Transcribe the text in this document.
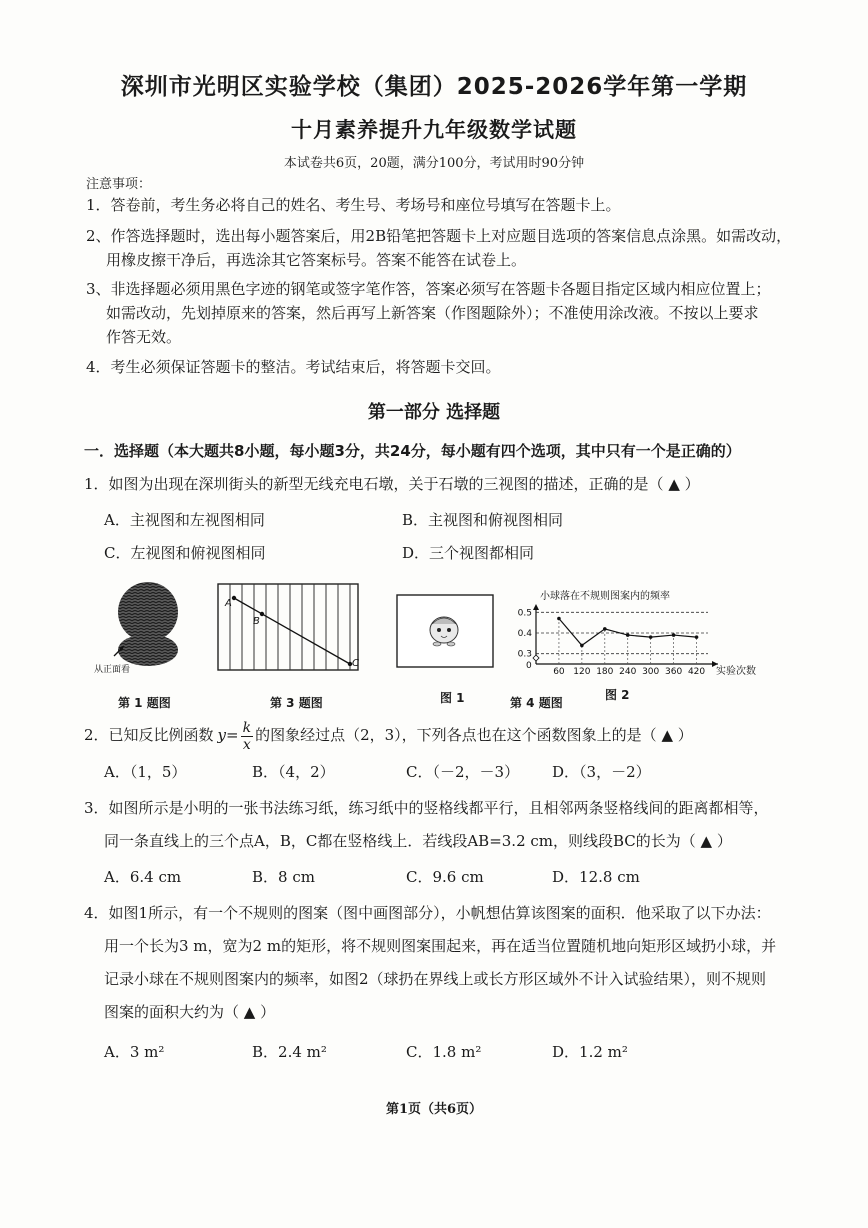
深圳市光明区实验学校（集团）2025-2026学年第一学期
十月素养提升九年级数学试题
本试卷共6页，20题，满分100分，考试用时90分钟
注意事项：
1．答卷前，考生务必将自己的姓名、考生号、考场号和座位号填写在答题卡上。
2、作答选择题时，选出每小题答案后，用2B铅笔把答题卡上对应题目选项的答案信息点涂黑。如需改动，
用橡皮擦干净后，再选涂其它答案标号。答案不能答在试卷上。
3、非选择题必须用黑色字迹的钢笔或签字笔作答，答案必须写在答题卡各题目指定区域内相应位置上；
如需改动，先划掉原来的答案，然后再写上新答案（作图题除外）；不准使用涂改液。不按以上要求
作答无效。
4．考生必须保证答题卡的整洁。考试结束后，将答题卡交回。
第一部分 选择题
一．选择题（本大题共8小题，每小题3分，共24分，每小题有四个选项，其中只有一个是正确的）
1．如图为出现在深圳街头的新型无线充电石墩，关于石墩的三视图的描述，正确的是（ ▲ ）
A．主视图和左视图相同	B．主视图和俯视图相同
C．左视图和俯视图相同	D．三个视图都相同
从正面看
A
B
C
小球落在不规则图案内的频率
0.3
0.4
0.5
0
60 120 180 240 300 360 420 实验次数
第 1 题图	第 3 题图	图 1	第 4 题图
图 2
2．已知反比例函数 $y= \frac{k}{x}$ 的图象经过点（2，3），下列各点也在这个函数图象上的是（ ▲ ）
A．（1，5）	B．（4，2）	C．（－2，－3） D．（3，－2）
3．如图所示是小明的一张书法练习纸，练习纸中的竖格线都平行，且相邻两条竖格线间的距离都相等，
同一条直线上的三个点A，B，C都在竖格线上．若线段AB=3.2 cm，则线段BC的长为（ ▲ ）
A．6.4 cm	B．8 cm	C．9.6 cm	D．12.8 cm
4．如图1所示，有一个不规则的图案（图中画图部分），小帆想估算该图案的面积．他采取了以下办法：
用一个长为3 m，宽为2 m的矩形，将不规则图案围起来，再在适当位置随机地向矩形区域扔小球，并
记录小球在不规则图案内的频率，如图2（球扔在界线上或长方形区域外不计入试验结果），则不规则
图案的面积大约为（ ▲ ）
A．3 m²	B．2.4 m²	C．1.8 m²	D．1.2 m²
第1页（共6页）
